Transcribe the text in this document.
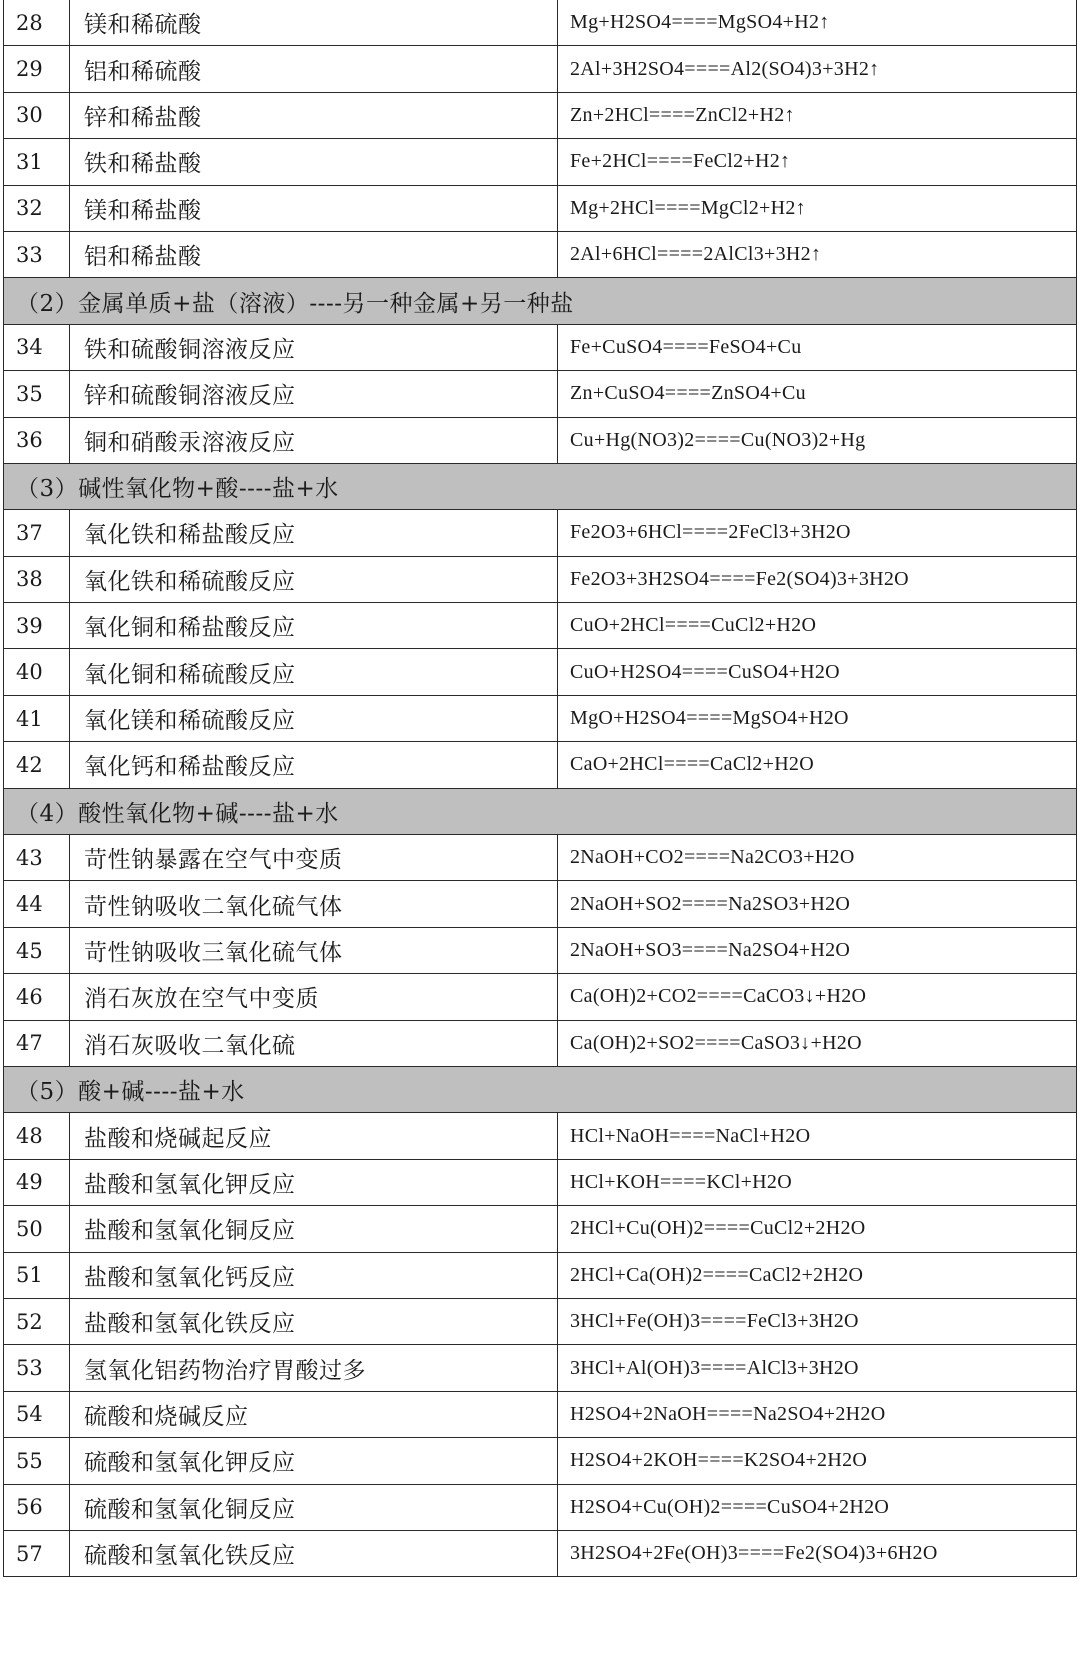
28	镁和稀硫酸	Mg+H2SO4====MgSO4+H2↑
29	铝和稀硫酸	2Al+3H2SO4====Al2(SO4)3+3H2↑
30	锌和稀盐酸	Zn+2HCl====ZnCl2+H2↑
31	铁和稀盐酸	Fe+2HCl====FeCl2+H2↑
32	镁和稀盐酸	Mg+2HCl====MgCl2+H2↑
33	铝和稀盐酸	2Al+6HCl====2AlCl3+3H2↑
（2）金属单质+盐（溶液）----另一种金属+另一种盐		
34	铁和硫酸铜溶液反应	Fe+CuSO4====FeSO4+Cu
35	锌和硫酸铜溶液反应	Zn+CuSO4====ZnSO4+Cu
36	铜和硝酸汞溶液反应	Cu+Hg(NO3)2====Cu(NO3)2+Hg
（3）碱性氧化物+酸----盐+水		
37	氧化铁和稀盐酸反应	Fe2O3+6HCl====2FeCl3+3H2O
38	氧化铁和稀硫酸反应	Fe2O3+3H2SO4====Fe2(SO4)3+3H2O
39	氧化铜和稀盐酸反应	CuO+2HCl====CuCl2+H2O
40	氧化铜和稀硫酸反应	CuO+H2SO4====CuSO4+H2O
41	氧化镁和稀硫酸反应	MgO+H2SO4====MgSO4+H2O
42	氧化钙和稀盐酸反应	CaO+2HCl====CaCl2+H2O
（4）酸性氧化物+碱----盐+水		
43	苛性钠暴露在空气中变质	2NaOH+CO2====Na2CO3+H2O
44	苛性钠吸收二氧化硫气体	2NaOH+SO2====Na2SO3+H2O
45	苛性钠吸收三氧化硫气体	2NaOH+SO3====Na2SO4+H2O
46	消石灰放在空气中变质	Ca(OH)2+CO2====CaCO3↓+H2O
47	消石灰吸收二氧化硫	Ca(OH)2+SO2====CaSO3↓+H2O
（5）酸+碱----盐+水		
48	盐酸和烧碱起反应	HCl+NaOH====NaCl+H2O
49	盐酸和氢氧化钾反应	HCl+KOH====KCl+H2O
50	盐酸和氢氧化铜反应	2HCl+Cu(OH)2====CuCl2+2H2O
51	盐酸和氢氧化钙反应	2HCl+Ca(OH)2====CaCl2+2H2O
52	盐酸和氢氧化铁反应	3HCl+Fe(OH)3====FeCl3+3H2O
53	氢氧化铝药物治疗胃酸过多	3HCl+Al(OH)3====AlCl3+3H2O
54	硫酸和烧碱反应	H2SO4+2NaOH====Na2SO4+2H2O
55	硫酸和氢氧化钾反应	H2SO4+2KOH====K2SO4+2H2O
56	硫酸和氢氧化铜反应	H2SO4+Cu(OH)2====CuSO4+2H2O
57	硫酸和氢氧化铁反应	3H2SO4+2Fe(OH)3====Fe2(SO4)3+6H2O
